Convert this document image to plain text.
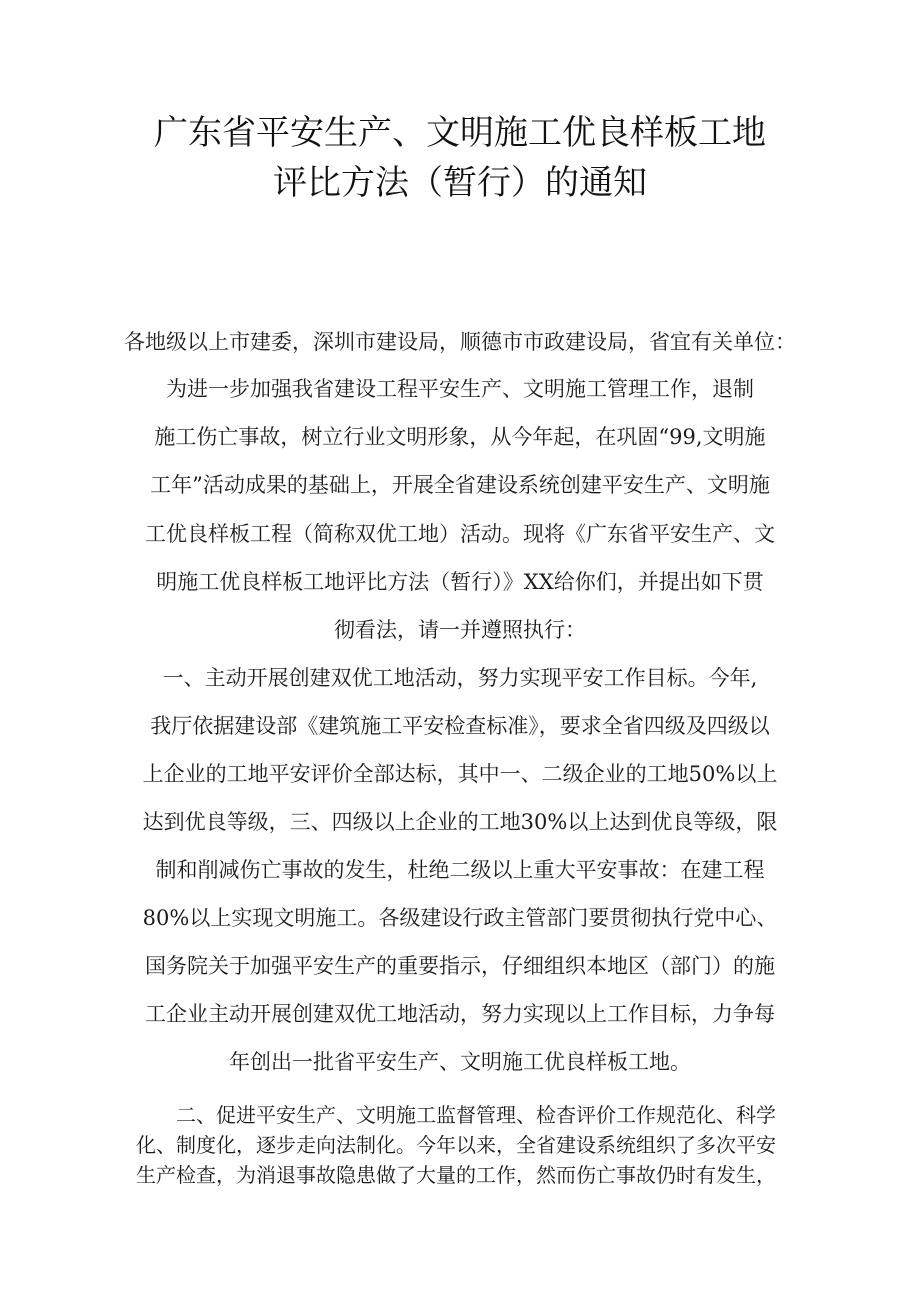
广东省平安生产、文明施工优良样板工地
评比方法（暂行）的通知
各地级以上市建委，深圳市建设局，顺德市市政建设局，省宜有关单位：
为进一步加强我省建设工程平安生产、文明施工管理工作，退制
施工伤亡事故，树立行业文明形象，从今年起，在巩固“99,文明施
工年”活动成果的基础上，开展全省建设系统创建平安生产、文明施
工优良样板工程（简称双优工地）活动。现将《广东省平安生产、文
明施工优良样板工地评比方法（暂行）》XX给你们，并提出如下贯
彻看法，请一并遵照执行：
一、主动开展创建双优工地活动，努力实现平安工作目标。今年,
我厅依据建设部《建筑施工平安检查标准》，要求全省四级及四级以
上企业的工地平安评价全部达标，其中一、二级企业的工地50%以上
达到优良等级，三、四级以上企业的工地30%以上达到优良等级，限
制和削减伤亡事故的发生，杜绝二级以上重大平安事故：在建工程
80%以上实现文明施工。各级建设行政主管部门要贯彻执行党中心、
国务院关于加强平安生产的重要指示，仔细组织本地区（部门）的施
工企业主动开展创建双优工地活动，努力实现以上工作目标，力争每
年创出一批省平安生产、文明施工优良样板工地。
　　二、促进平安生产、文明施工监督管理、检杳评价工作规范化、科学
化、制度化，逐步走向法制化。今年以来，全省建设系统组织了多次平安
生产检查，为消退事故隐患做了大量的工作，然而伤亡事故仍时有发生，
